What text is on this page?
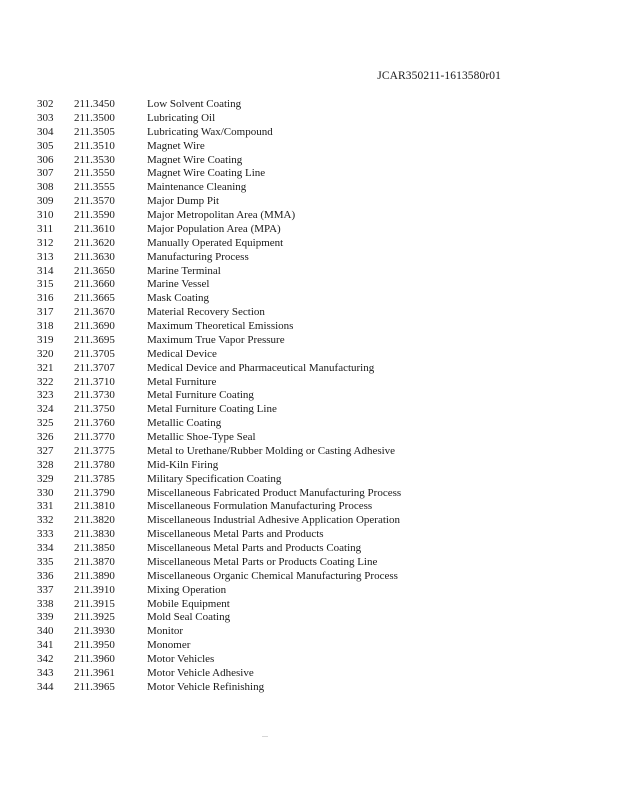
JCAR350211-1613580r01
302 211.3450	Low Solvent Coating
303 211.3500	Lubricating Oil
304 211.3505	Lubricating Wax/Compound
305 211.3510	Magnet Wire
306 211.3530	Magnet Wire Coating
307 211.3550	Magnet Wire Coating Line
308 211.3555	Maintenance Cleaning
309 211.3570	Major Dump Pit
310 211.3590	Major Metropolitan Area (MMA)
311 211.3610	Major Population Area (MPA)
312 211.3620	Manually Operated Equipment
313 211.3630	Manufacturing Process
314 211.3650	Marine Terminal
315 211.3660	Marine Vessel
316 211.3665	Mask Coating
317 211.3670	Material Recovery Section
318 211.3690	Maximum Theoretical Emissions
319 211.3695	Maximum True Vapor Pressure
320 211.3705	Medical Device
321 211.3707	Medical Device and Pharmaceutical Manufacturing
322 211.3710	Metal Furniture
323 211.3730	Metal Furniture Coating
324 211.3750	Metal Furniture Coating Line
325 211.3760	Metallic Coating
326 211.3770	Metallic Shoe-Type Seal
327 211.3775	Metal to Urethane/Rubber Molding or Casting Adhesive
328 211.3780	Mid-Kiln Firing
329 211.3785	Military Specification Coating
330 211.3790	Miscellaneous Fabricated Product Manufacturing Process
331 211.3810	Miscellaneous Formulation Manufacturing Process
332 211.3820	Miscellaneous Industrial Adhesive Application Operation
333 211.3830	Miscellaneous Metal Parts and Products
334 211.3850	Miscellaneous Metal Parts and Products Coating
335 211.3870	Miscellaneous Metal Parts or Products Coating Line
336 211.3890	Miscellaneous Organic Chemical Manufacturing Process
337 211.3910	Mixing Operation
338 211.3915	Mobile Equipment
339 211.3925	Mold Seal Coating
340 211.3930	Monitor
341 211.3950	Monomer
342 211.3960	Motor Vehicles
343 211.3961	Motor Vehicle Adhesive
344 211.3965	Motor Vehicle Refinishing
